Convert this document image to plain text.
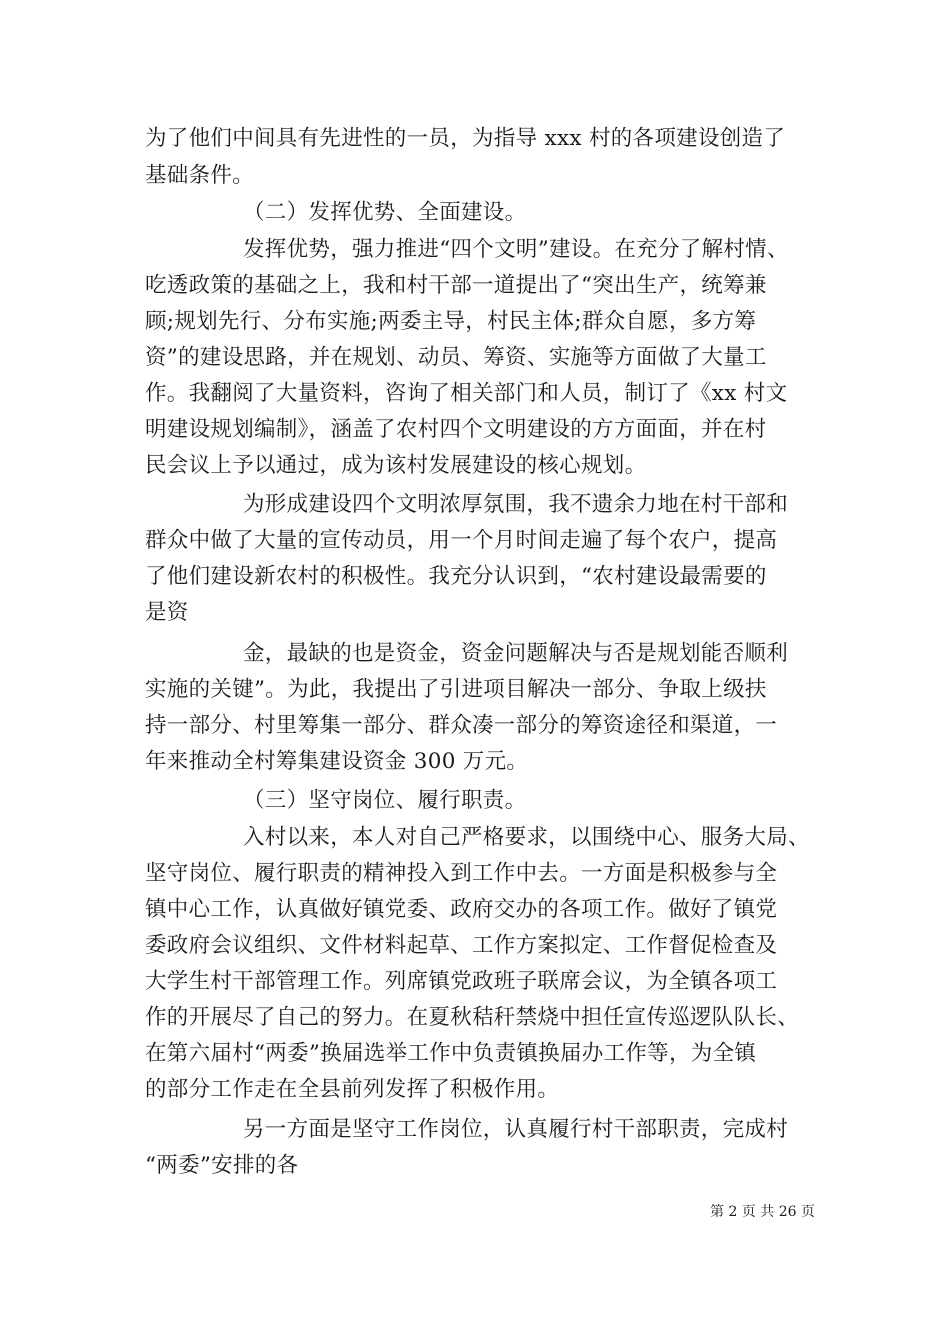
为了他们中间具有先进性的一员，为指导 xxx 村的各项建设创造了
基础条件。
（二）发挥优势、全面建设。
发挥优势，强力推进“四个文明”建设。在充分了解村情、
吃透政策的基础之上，我和村干部一道提出了“突出生产，统筹兼
顾;规划先行、分布实施;两委主导，村民主体;群众自愿，多方筹
资”的建设思路，并在规划、动员、筹资、实施等方面做了大量工
作。我翻阅了大量资料，咨询了相关部门和人员，制订了《xx 村文
明建设规划编制》，涵盖了农村四个文明建设的方方面面，并在村
民会议上予以通过，成为该村发展建设的核心规划。
为形成建设四个文明浓厚氛围，我不遗余力地在村干部和
群众中做了大量的宣传动员，用一个月时间走遍了每个农户，提高
了他们建设新农村的积极性。我充分认识到，“农村建设最需要的
是资
金，最缺的也是资金，资金问题解决与否是规划能否顺利
实施的关键”。为此，我提出了引进项目解决一部分、争取上级扶
持一部分、村里筹集一部分、群众凑一部分的筹资途径和渠道，一
年来推动全村筹集建设资金 300 万元。
（三）坚守岗位、履行职责。
入村以来，本人对自己严格要求，以围绕中心、服务大局、
坚守岗位、履行职责的精神投入到工作中去。一方面是积极参与全
镇中心工作，认真做好镇党委、政府交办的各项工作。做好了镇党
委政府会议组织、文件材料起草、工作方案拟定、工作督促检查及
大学生村干部管理工作。列席镇党政班子联席会议，为全镇各项工
作的开展尽了自己的努力。在夏秋秸秆禁烧中担任宣传巡逻队队长、
在第六届村“两委”换届选举工作中负责镇换届办工作等，为全镇
的部分工作走在全县前列发挥了积极作用。
另一方面是坚守工作岗位，认真履行村干部职责，完成村
“两委”安排的各
第 2 页 共 26 页
